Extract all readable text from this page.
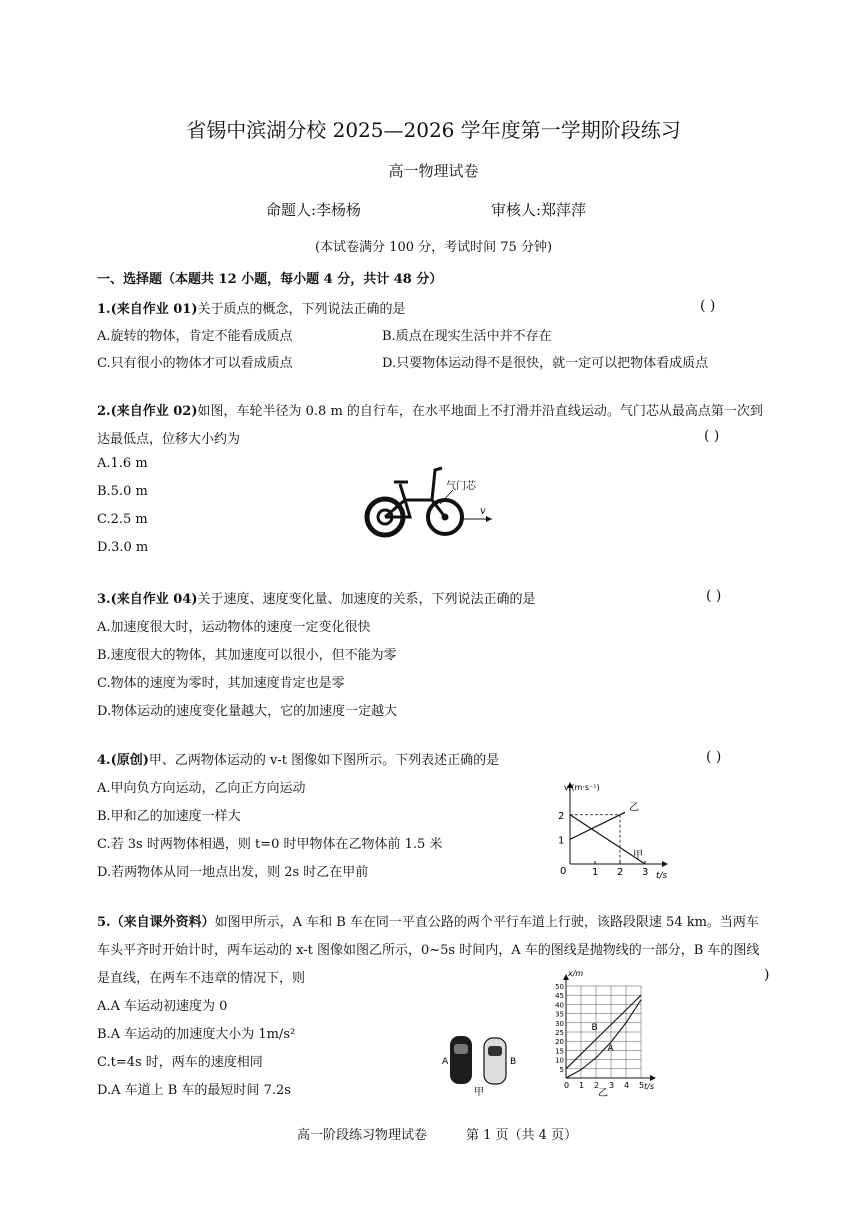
省锡中滨湖分校 2025—2026 学年度第一学期阶段练习
高一物理试卷
命题人:李杨杨	审核人:郑萍萍
(本试卷满分 100 分，考试时间 75 分钟)
一、选择题（本题共 12 小题，每小题 4 分，共计 48 分）
1.(来自作业 01)关于质点的概念，下列说法正确的是	( )
A.旋转的物体，肯定不能看成质点	B.质点在现实生活中并不存在
C.只有很小的物体才可以看成质点	D.只要物体运动得不是很快，就一定可以把物体看成质点
2.(来自作业 02)如图，车轮半径为 0.8 m 的自行车，在水平地面上不打滑并沿直线运动。气门芯从最高点第一次到
达最低点，位移大小约为	( )
A.1.6 m
B.5.0 m
C.2.5 m
D.3.0 m
气门芯
v
3.(来自作业 04)关于速度、速度变化量、加速度的关系，下列说法正确的是	( )
A.加速度很大时，运动物体的速度一定变化很快
B.速度很大的物体，其加速度可以很小，但不能为零
C.物体的速度为零时，其加速度肯定也是零
D.物体运动的速度变化量越大，它的加速度一定越大
4.(原创)甲、乙两物体运动的 v-t 图像如下图所示。下列表述正确的是	( )
A.甲向负方向运动，乙向正方向运动
B.甲和乙的加速度一样大
C.若 3s 时两物体相遇，则 t=0 时甲物体在乙物体前 1.5 米
D.若两物体从同一地点出发，则 2s 时乙在甲前
v/(m·s⁻¹)
t/s
0	1 2 3
1
2
甲
乙
5.（来自课外资料）如图甲所示，A 车和 B 车在同一平直公路的两个平行车道上行驶，该路段限速 54 km。当两车
车头平齐时开始计时，两车运动的 x-t 图像如图乙所示，0~5s 时间内，A 车的图线是抛物线的一部分，B 车的图线
是直线，在两车不违章的情况下，则	)
A.A 车运动初速度为 0
B.A 车运动的加速度大小为 1m/s²
C.t=4s 时，两车的速度相同
D.A 车道上 B 车的最短时间 7.2s
A	B
甲
x/m
t/s
乙
5
10
15
20
25
30
35
40
45
50
0 1 2 3 4 5
B
A
高一阶段练习物理试卷	第 1 页（共 4 页）
